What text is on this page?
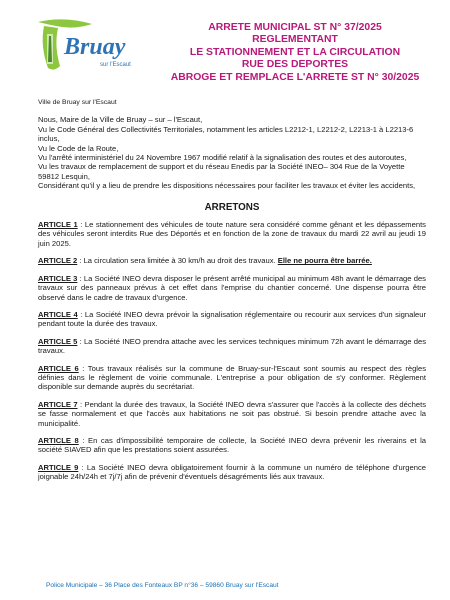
Bruay
sur l'Escaut
ARRETE MUNICIPAL ST N° 37/2025
REGLEMENTANT
LE STATIONNEMENT ET LA CIRCULATION
RUE DES DEPORTES
ABROGE ET REMPLACE L'ARRETE ST N° 30/2025
Ville de Bruay sur l'Escaut

Nous, Maire de la Ville de Bruay – sur – l'Escaut,

Vu le Code Général des Collectivités Territoriales, notamment les articles L2212-1, L2212-2, L2213-1 à L2213-6 inclus,

Vu le Code de la Route,

Vu l'arrêté interministériel du 24 Novembre 1967 modifié relatif à la signalisation des routes et des autoroutes,

Vu les travaux de remplacement de support et du réseau Enedis par la Société INEO– 304 Rue de la Voyette 59812 Lesquin,

Considérant qu'il y a lieu de prendre les dispositions nécessaires pour faciliter les travaux et éviter les accidents,

ARRETONS

ARTICLE 1 : Le stationnement des véhicules de toute nature sera considéré comme gênant et les dépassements des véhicules seront interdits Rue des Déportés et en fonction de la zone de travaux du mardi 22 avril au jeudi 19 juin 2025.

ARTICLE 2 : La circulation sera limitée à 30 km/h au droit des travaux. Elle ne pourra être barrée.

ARTICLE 3 : La Société INEO devra disposer le présent arrêté municipal au minimum 48h avant le démarrage des travaux sur des panneaux prévus à cet effet dans l'emprise du chantier concerné. Une dispense pourra être observé dans le cadre de travaux d'urgence.

ARTICLE 4 : La Société INEO devra prévoir la signalisation réglementaire ou recourir aux services d'un signaleur pendant toute la durée des travaux.

ARTICLE 5 : La Société INEO prendra attache avec les services techniques minimum 72h avant le démarrage des travaux.

ARTICLE 6 : Tous travaux réalisés sur la commune de Bruay-sur-l'Escaut sont soumis au respect des règles définies dans le règlement de voirie communale. L'entreprise a pour obligation de s'y conformer. Règlement disponible sur demande auprès du secrétariat.

ARTICLE 7 : Pendant la durée des travaux, la Société INEO devra s'assurer que l'accès à la collecte des déchets se fasse normalement et que l'accès aux habitations ne soit pas obstrué. Si besoin prendre attache avec la municipalité.

ARTICLE 8 : En cas d'impossibilité temporaire de collecte, la Société INEO devra prévenir les riverains et la société SIAVED afin que les prestations soient assurées.

ARTICLE 9 : La Société INEO devra obligatoirement fournir à la commune un numéro de téléphone d'urgence joignable 24h/24h et 7j/7j afin de prévenir d'éventuels désagréments liés aux travaux.

Police Municipale – 36 Place des Fonteaux BP n°36 – 59860 Bruay sur l'Escaut
